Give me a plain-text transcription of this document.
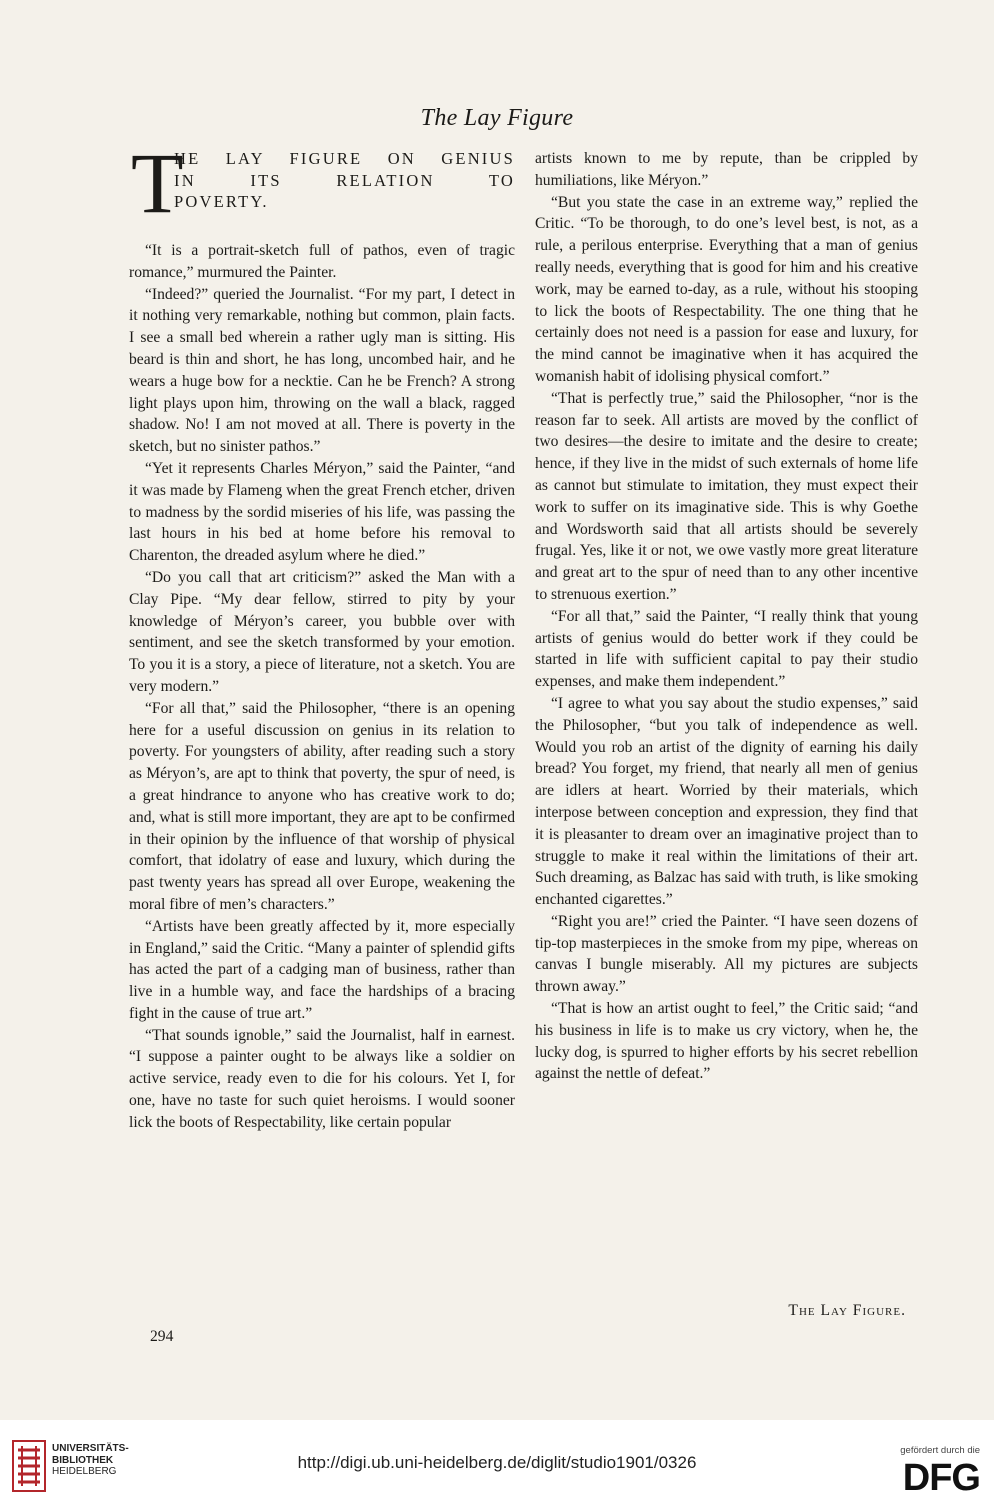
The Lay Figure
T
HE LAY FIGURE ON GENIUS
IN ITS RELATION TO
POVERTY.

“It is a portrait-sketch full of pathos, even of tragic romance,” murmured the Painter.

“Indeed?” queried the Journalist. “For my part, I detect in it nothing very remarkable, nothing but common, plain facts. I see a small bed wherein a rather ugly man is sitting. His beard is thin and short, he has long, uncombed hair, and he wears a huge bow for a necktie. Can he be French? A strong light plays upon him, throwing on the wall a black, ragged shadow. No! I am not moved at all. There is poverty in the sketch, but no sinister pathos.”

“Yet it represents Charles Méryon,” said the Painter, “and it was made by Flameng when the great French etcher, driven to madness by the sordid miseries of his life, was passing the last hours in his bed at home before his removal to Charenton, the dreaded asylum where he died.”

“Do you call that art criticism?” asked the Man with a Clay Pipe. “My dear fellow, stirred to pity by your knowledge of Méryon’s career, you bubble over with sentiment, and see the sketch transformed by your emotion. To you it is a story, a piece of literature, not a sketch. You are very modern.”

“For all that,” said the Philosopher, “there is an opening here for a useful discussion on genius in its relation to poverty. For youngsters of ability, after reading such a story as Méryon’s, are apt to think that poverty, the spur of need, is a great hindrance to anyone who has creative work to do; and, what is still more important, they are apt to be confirmed in their opinion by the influence of that worship of physical comfort, that idolatry of ease and luxury, which during the past twenty years has spread all over Europe, weakening the moral fibre of men’s characters.”

“Artists have been greatly affected by it, more especially in England,” said the Critic. “Many a painter of splendid gifts has acted the part of a cadging man of business, rather than live in a humble way, and face the hardships of a bracing fight in the cause of true art.”

“That sounds ignoble,” said the Journalist, half in earnest. “I suppose a painter ought to be always like a soldier on active service, ready even to die for his colours. Yet I, for one, have no taste for such quiet heroisms. I would sooner lick the boots of Respectability, like certain popular

artists known to me by repute, than be crippled by humiliations, like Méryon.”

“But you state the case in an extreme way,” replied the Critic. “To be thorough, to do one’s level best, is not, as a rule, a perilous enterprise. Everything that a man of genius really needs, everything that is good for him and his creative work, may be earned to-day, as a rule, without his stooping to lick the boots of Respectability. The one thing that he certainly does not need is a passion for ease and luxury, for the mind cannot be imaginative when it has acquired the womanish habit of idolising physical comfort.”

“That is perfectly true,” said the Philosopher, “nor is the reason far to seek. All artists are moved by the conflict of two desires—the desire to imitate and the desire to create; hence, if they live in the midst of such externals of home life as cannot but stimulate to imitation, they must expect their work to suffer on its imaginative side. This is why Goethe and Wordsworth said that all artists should be severely frugal. Yes, like it or not, we owe vastly more great literature and great art to the spur of need than to any other incentive to strenuous exertion.”

“For all that,” said the Painter, “I really think that young artists of genius would do better work if they could be started in life with sufficient capital to pay their studio expenses, and make them independent.”

“I agree to what you say about the studio expenses,” said the Philosopher, “but you talk of independence as well. Would you rob an artist of the dignity of earning his daily bread? You forget, my friend, that nearly all men of genius are idlers at heart. Worried by their materials, which interpose between conception and expression, they find that it is pleasanter to dream over an imaginative project than to struggle to make it real within the limitations of their art. Such dreaming, as Balzac has said with truth, is like smoking enchanted cigarettes.”

“Right you are!” cried the Painter. “I have seen dozens of tip-top masterpieces in the smoke from my pipe, whereas on canvas I bungle miserably. All my pictures are subjects thrown away.”

“That is how an artist ought to feel,” the Critic said; “and his business in life is to make us cry victory, when he, the lucky dog, is spurred to higher efforts by his secret rebellion against the nettle of defeat.”

The Lay Figure.
294
UNIVERSITÄTS-
BIBLIOTHEK
HEIDELBERG	http://digi.ub.uni-heidelberg.de/diglit/studio1901/0326
gefördert durch die
DFG
